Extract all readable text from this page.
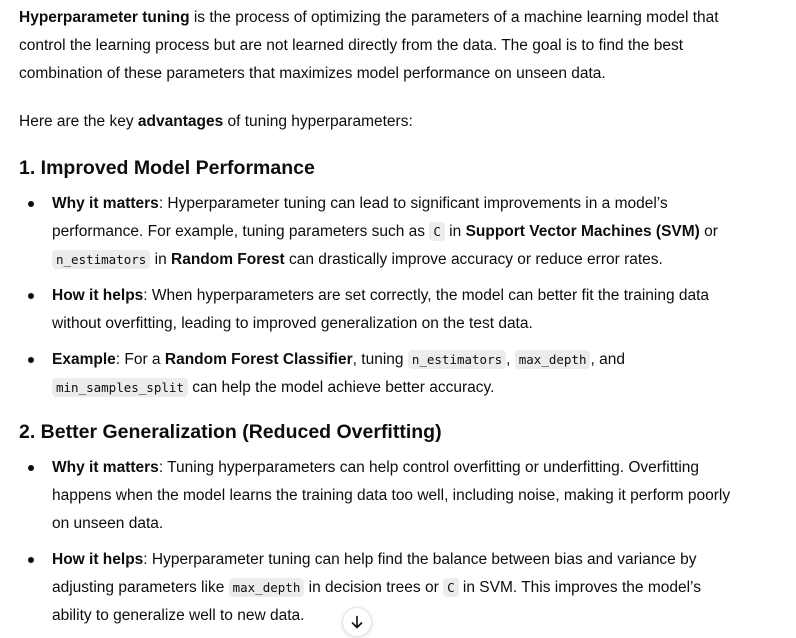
Hyperparameter tuning is the process of optimizing the parameters of a machine learning model that control the learning process but are not learned directly from the data. The goal is to find the best combination of these parameters that maximizes model performance on unseen data.

Here are the key advantages of tuning hyperparameters:

1. Improved Model Performance
Why it matters: Hyperparameter tuning can lead to significant improvements in a model’s performance. For example, tuning parameters such as C in Support Vector Machines (SVM) or n_estimators in Random Forest can drastically improve accuracy or reduce error rates.
How it helps: When hyperparameters are set correctly, the model can better fit the training data without overfitting, leading to improved generalization on the test data.
Example: For a Random Forest Classifier, tuning n_estimators , max_depth , and min_samples_split can help the model achieve better accuracy.
2. Better Generalization (Reduced Overfitting)
Why it matters: Tuning hyperparameters can help control overfitting or underfitting. Overfitting happens when the model learns the training data too well, including noise, making it perform poorly on unseen data.
How it helps: Hyperparameter tuning can help find the balance between bias and variance by adjusting parameters like max_depth in decision trees or C in SVM. This improves the model’s ability to generalize well to new data.
